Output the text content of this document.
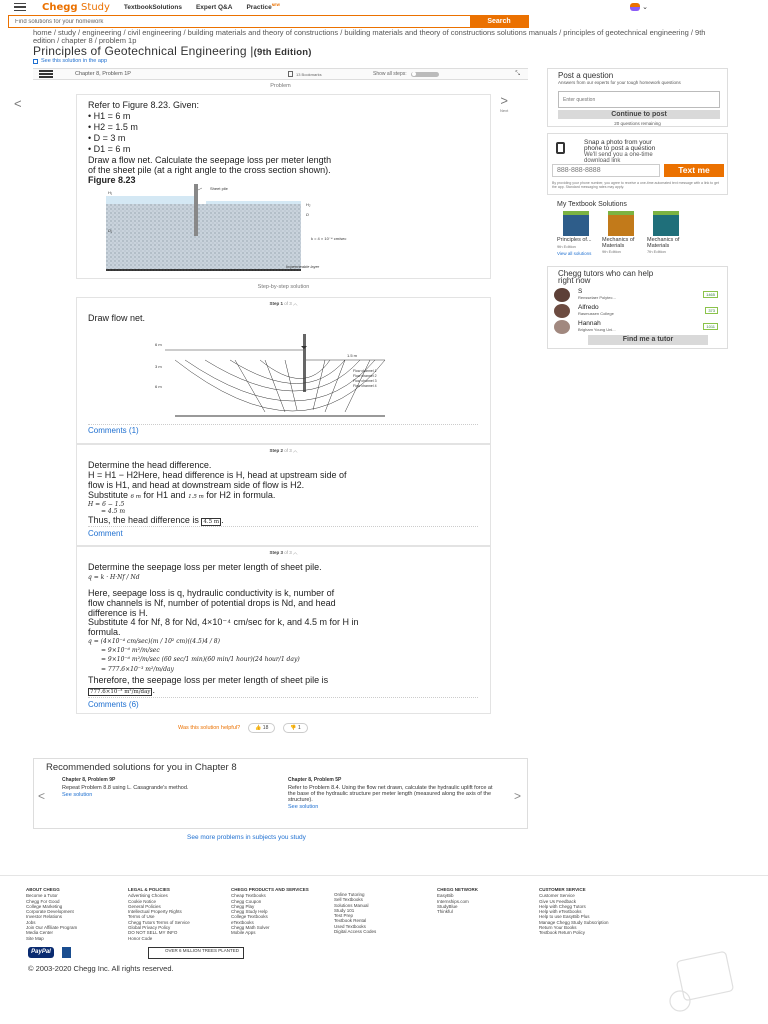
Chegg Study TextbookSolutions Expert Q&A Practice$^{NEW}$	⌄
Find solutions for your homework
Search
home / study / engineering / civil engineering / building materials and theory of constructions / building materials and theory of constructions solutions manuals / principles of geotechnical engineering / 9th edition / chapter 8 / problem 1p
Principles of Geotechnical Engineering |(9th Edition)
See this solution in the app
Chapter 8, Problem 1P	13 Bookmarks	Show all steps:	⤡
Problem
<	>
Next
Refer to Figure 8.23. Given:
• H1 = 6 m
• H2 = 1.5 m
• D = 3 m
• D1 = 6 m
Draw a flow net. Calculate the seepage loss per meter length
of the sheet pile (at a right angle to the cross section shown).
Figure 8.23
Sheet pile
H₁
D₁
H₂
D
k = 4 × 10⁻⁴ cm/sec
Impermeable layer
Step-by-step solution
Step 1 of 3 ︿
Draw flow net.
6 m
1.5 m
3 m
6 m
Flow channel 1
Flow channel 2
Flow channel 3
Flow channel 4
Comments (1)
Step 2 of 3 ︿
Determine the head difference.
H = H1 − H2Here, head difference is H, head at upstream side of
flow is H1, and head at downstream side of flow is H2.
Substitute 6 m for H1 and 1.5 m for H2 in formula.
H = 6 − 1.5
= 4.5 m
Thus, the head difference is 4.5 m .
Comment
Step 3 of 3 ︿
Determine the seepage loss per meter length of sheet pile.
q = k · H·Nf / Nd
Here, seepage loss is q, hydraulic conductivity is k, number of
flow channels is Nf, number of potential drops is Nd, and head
difference is H.
Substitute 4 for Nf, 8 for Nd, 4×10⁻⁴ cm/sec for k, and 4.5 m for H in
formula.
q = (4×10⁻⁴ cm/sec)(m / 10² cm)((4.5)4 / 8)
= 9×10⁻⁶ m²/m/sec
= 9×10⁻⁶ m²/m/sec (60 sec/1 min)(60 min/1 hour)(24 hour/1 day)
= 777.6×10⁻³ m²/m/day
Therefore, the seepage loss per meter length of sheet pile is
777.6×10⁻³ m²/m/day .
Comments (6)
Was this solution helpful?	👍 18	👎 1
Recommended solutions for you in Chapter 8
<	>
Chapter 8, Problem 9P
Repeat Problem 8.8 using L. Casagrande's method.
See solution
Chapter 8, Problem 5P
Refer to Problem 8.4. Using the flow net drawn, calculate the hydraulic uplift force at the base of the hydraulic structure per meter length (measured along the axis of the structure).
See solution
See more problems in subjects you study
Post a question
Answers from our experts for your tough homework questions
Enter question
Continue to post
20 questions remaining
Snap a photo from your
phone to post a question
We'll send you a one-time
download link
888-888-8888
Text me
By providing your phone number, you agree to receive a one-time automated text message with a link to get the app. Standard messaging rates may apply.
My Textbook Solutions
Principles of...
9th Edition
Mechanics of Materials
9th Edition
Mechanics of Materials
7th Edition
View all solutions
Chegg tutors who can help
right now
S
Rensselaer Polytec...
1465
Alfredo
Rasmussen College
373
Hannah
Brigham Young Uni...
1011
Find me a tutor
ABOUT CHEGG
Become a Tutor
Chegg For Good
College Marketing
Corporate Development
Investor Relations
Jobs
Join Our Affiliate Program
Media Center
Site Map
LEGAL & POLICIES
Advertising Choices
Cookie Notice
General Policies
Intellectual Property Rights
Terms of Use
Chegg Tutors Terms of Service
Global Privacy Policy
DO NOT SELL MY INFO
Honor Code
CHEGG PRODUCTS AND SERVICES
Cheap Textbooks
Chegg Coupon
Chegg Play
Chegg Study Help
College Textbooks
eTextbooks
Chegg Math Solver
Mobile Apps
Online Tutoring
Sell Textbooks
Solutions Manual
Study 101
Test Prep
Textbook Rental
Used Textbooks
Digital Access Codes
CHEGG NETWORK
EasyBib
Internships.com
StudyBlue
Thinkful
CUSTOMER SERVICE
Customer Service
Give Us Feedback
Help with Chegg Tutors
Help with eTextbooks
Help to use EasyBib Plus
Manage Chegg Study Subscription
Return Your Books
Textbook Return Policy
PayPal	OVER 6 MILLION TREES PLANTED
© 2003-2020 Chegg Inc. All rights reserved.
